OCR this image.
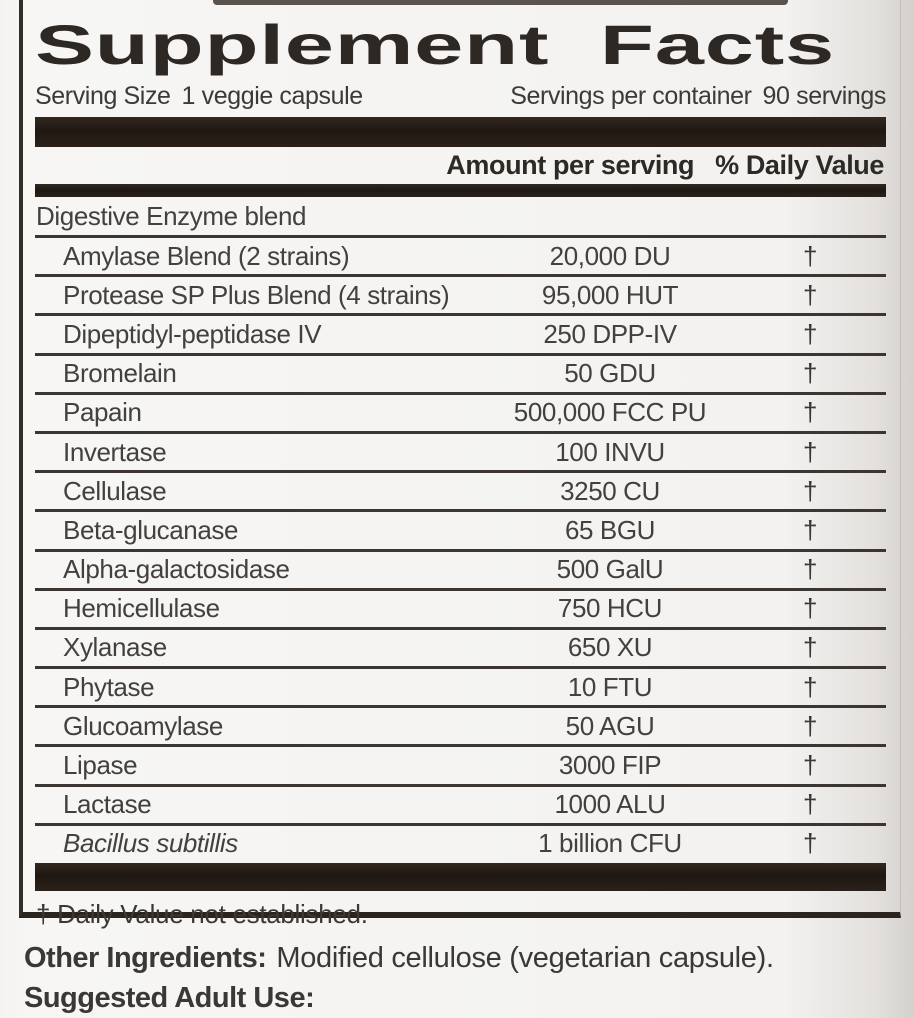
Supplement Facts
Serving Size 1 veggie capsule	Servings per container 90 servings
Amount per serving % Daily Value
Digestive Enzyme blend
Amylase Blend (2 strains)	20,000 DU	†
Protease SP Plus Blend (4 strains)	95,000 HUT	†
Dipeptidyl-peptidase IV	250 DPP-IV	†
Bromelain	50 GDU	†
Papain	500,000 FCC PU	†
Invertase	100 INVU	†
Cellulase	3250 CU	†
Beta-glucanase	65 BGU	†
Alpha-galactosidase	500 GalU	†
Hemicellulase	750 HCU	†
Xylanase	650 XU	†
Phytase	10 FTU	†
Glucoamylase	50 AGU	†
Lipase	3000 FIP	†
Lactase	1000 ALU	†
Bacillus subtillis	1 billion CFU	†
† Daily Value not established.
Other Ingredients: Modified cellulose (vegetarian capsule).
Suggested Adult Use:
